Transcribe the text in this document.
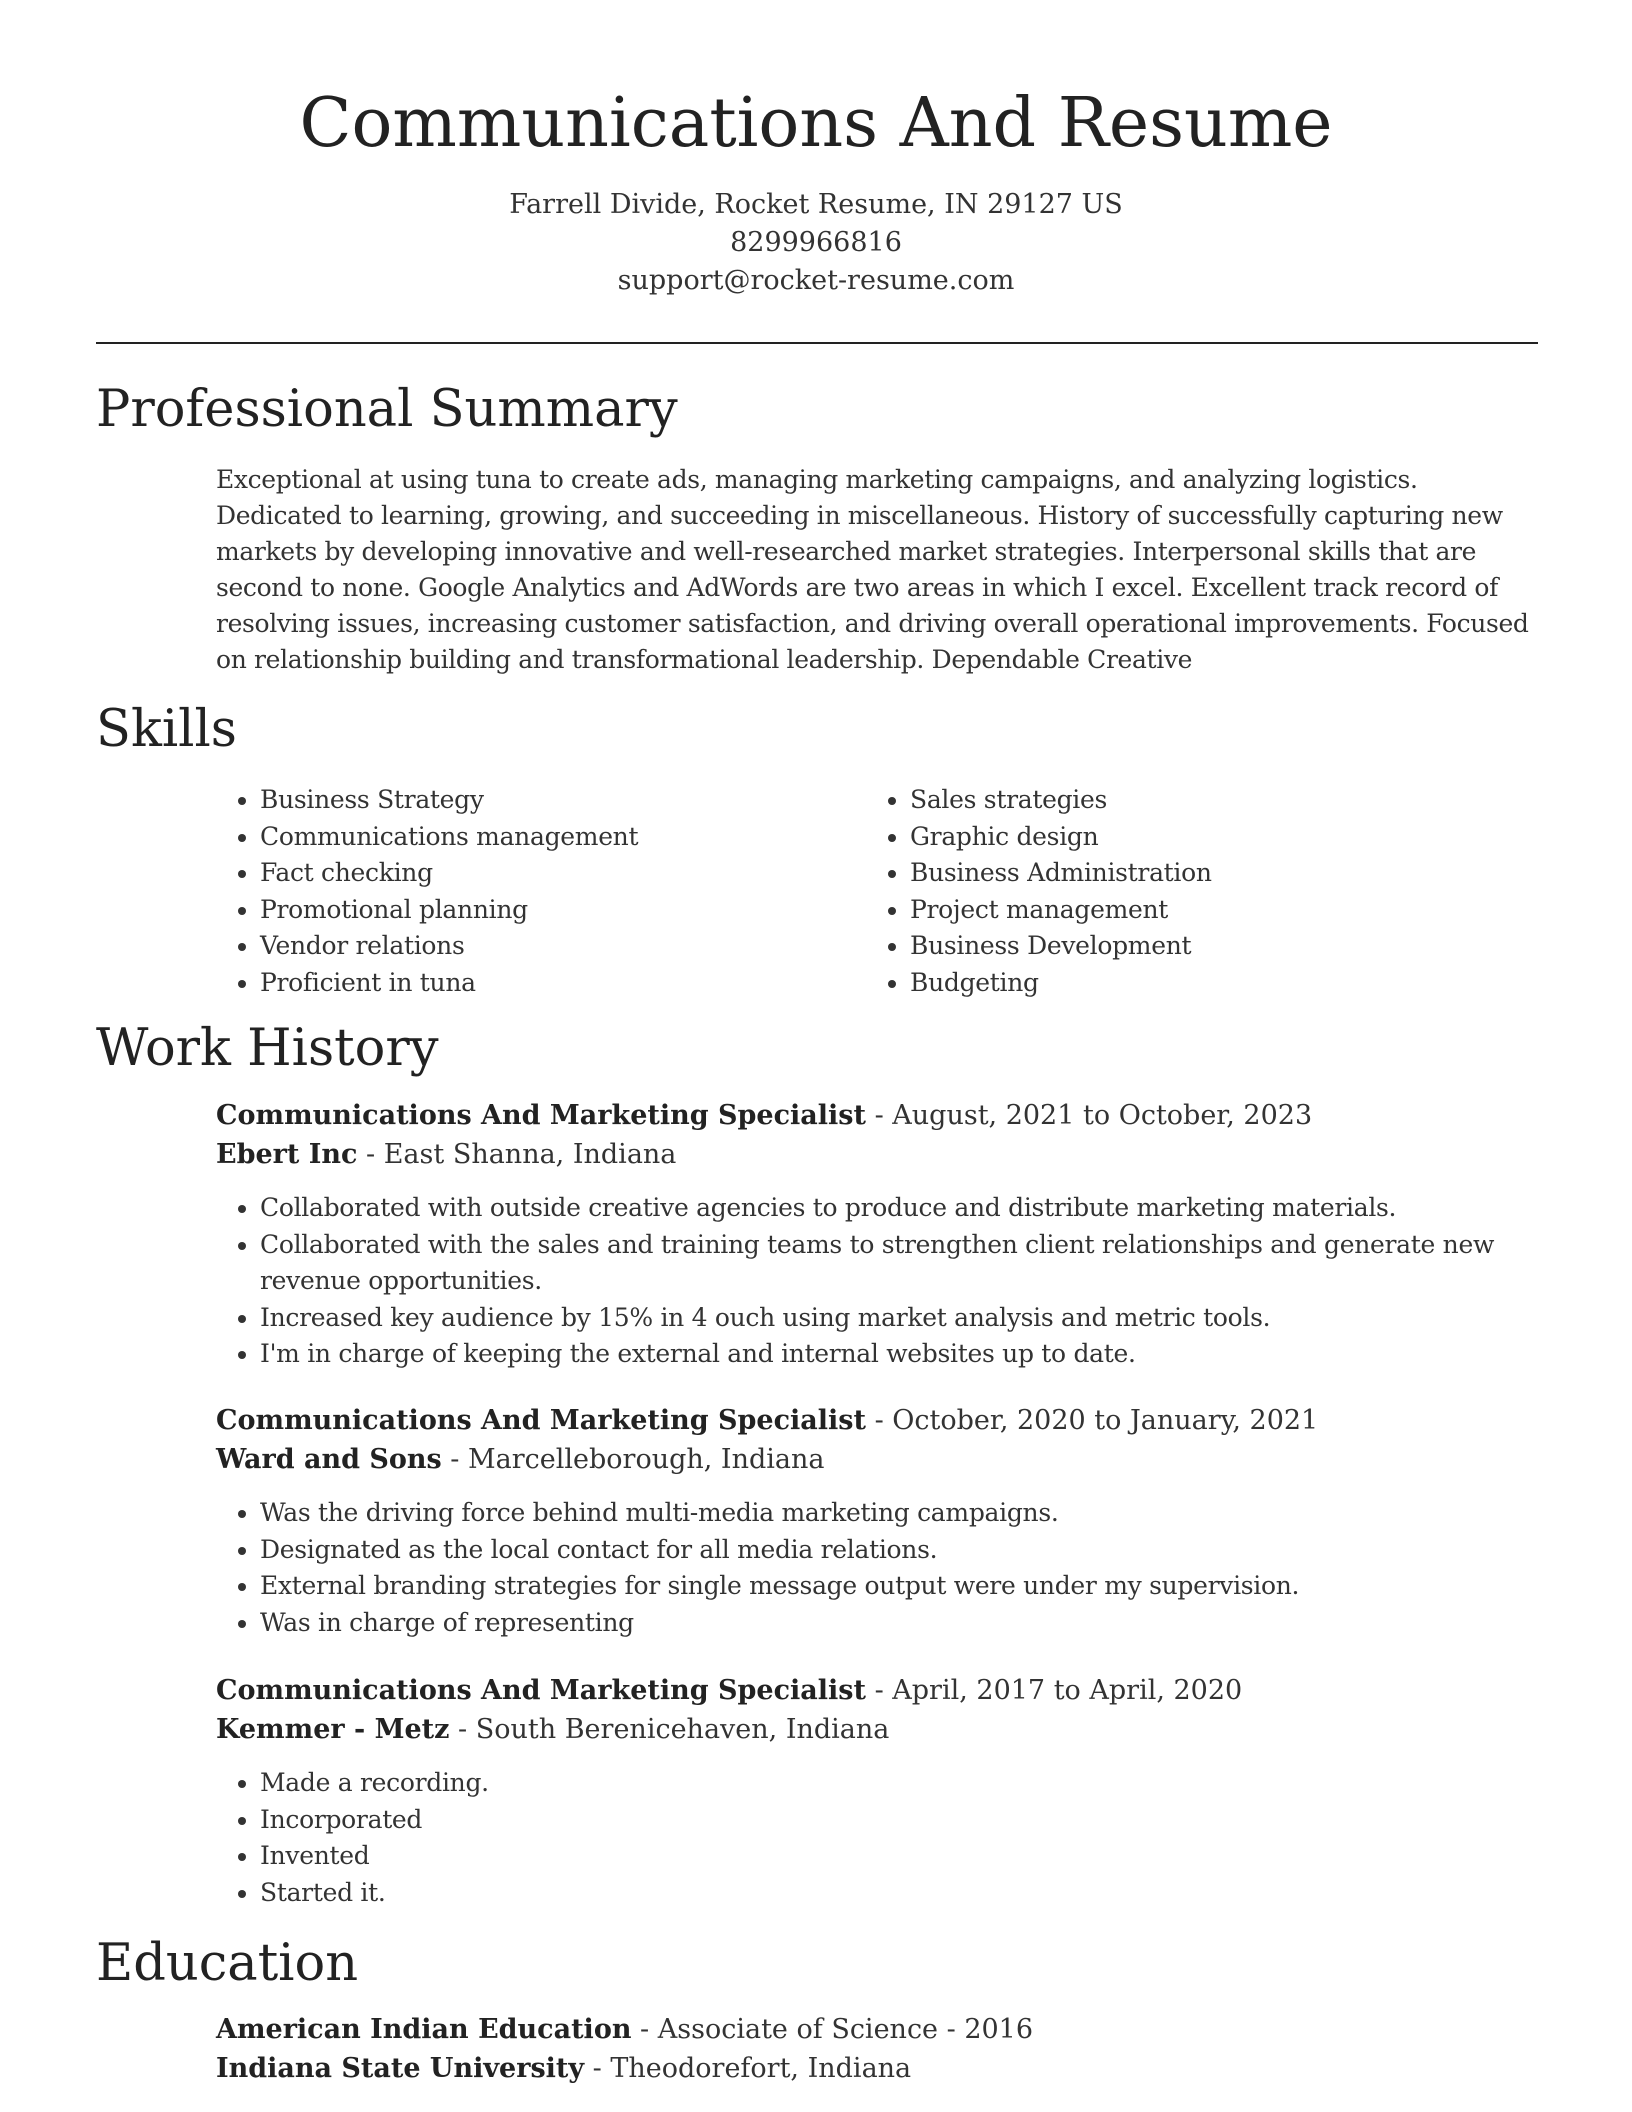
Communications And Resume
Farrell Divide, Rocket Resume, IN 29127 US
8299966816
support@rocket-resume.com
Professional Summary
Exceptional at using tuna to create ads, managing marketing campaigns, and analyzing logistics. Dedicated to learning, growing, and succeeding in miscellaneous. History of successfully capturing new markets by developing innovative and well-researched market strategies. Interpersonal skills that are second to none. Google Analytics and AdWords are two areas in which I excel. Excellent track record of resolving issues, increasing customer satisfaction, and driving overall operational improvements. Focused on relationship building and transformational leadership. Dependable Creative
Skills
• Business Strategy
• Communications management
• Fact checking
• Promotional planning
• Vendor relations
• Proficient in tuna
• Sales strategies
• Graphic design
• Business Administration
• Project management
• Business Development
• Budgeting
Work History
Communications And Marketing Specialist - August, 2021 to October, 2023
Ebert Inc - East Shanna, Indiana
• Collaborated with outside creative agencies to produce and distribute marketing materials.
• Collaborated with the sales and training teams to strengthen client relationships and generate new revenue opportunities.
• Increased key audience by 15% in 4 ouch using market analysis and metric tools.
• I'm in charge of keeping the external and internal websites up to date.
Communications And Marketing Specialist - October, 2020 to January, 2021
Ward and Sons - Marcelleborough, Indiana
• Was the driving force behind multi-media marketing campaigns.
• Designated as the local contact for all media relations.
• External branding strategies for single message output were under my supervision.
• Was in charge of representing
Communications And Marketing Specialist - April, 2017 to April, 2020
Kemmer - Metz - South Berenicehaven, Indiana
• Made a recording.
• Incorporated
• Invented
• Started it.
Education
American Indian Education - Associate of Science - 2016
Indiana State University - Theodorefort, Indiana
